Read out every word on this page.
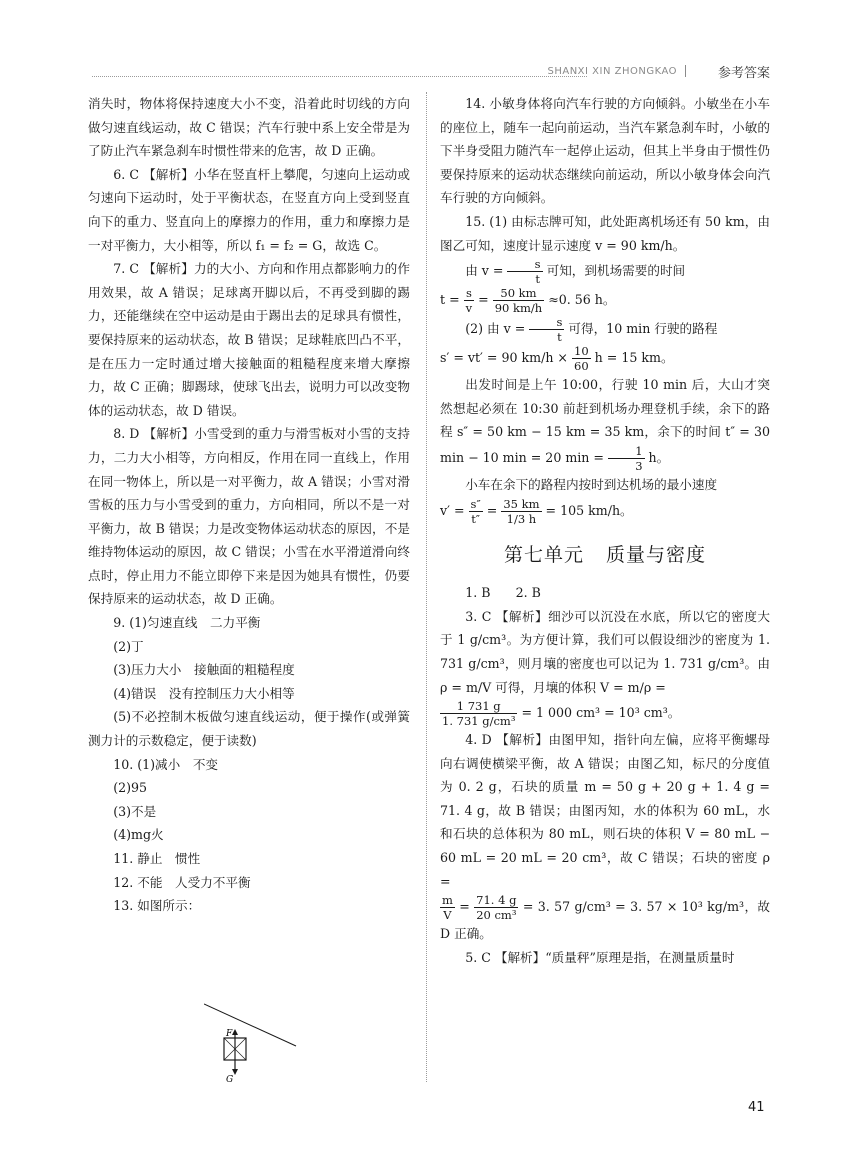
SHANXI XIN ZHONGKAO	参考答案

消失时，物体将保持速度大小不变，沿着此时切线的方向做匀速直线运动，故 C 错误；汽车行驶中系上安全带是为了防止汽车紧急刹车时惯性带来的危害，故 D 正确。

6. C 【解析】小华在竖直杆上攀爬，匀速向上运动或匀速向下运动时，处于平衡状态，在竖直方向上受到竖直向下的重力、竖直向上的摩擦力的作用，重力和摩擦力是一对平衡力，大小相等，所以 f₁ = f₂ = G，故选 C。

7. C 【解析】力的大小、方向和作用点都影响力的作用效果，故 A 错误；足球离开脚以后，不再受到脚的踢力，还能继续在空中运动是由于踢出去的足球具有惯性，要保持原来的运动状态，故 B 错误；足球鞋底凹凸不平，是在压力一定时通过增大接触面的粗糙程度来增大摩擦力，故 C 正确；脚踢球，使球飞出去，说明力可以改变物体的运动状态，故 D 错误。

8. D 【解析】小雪受到的重力与滑雪板对小雪的支持力，二力大小相等，方向相反，作用在同一直线上，作用在同一物体上，所以是一对平衡力，故 A 错误；小雪对滑雪板的压力与小雪受到的重力，方向相同，所以不是一对平衡力，故 B 错误；力是改变物体运动状态的原因，不是维持物体运动的原因，故 C 错误；小雪在水平滑道滑向终点时，停止用力不能立即停下来是因为她具有惯性，仍要保持原来的运动状态，故 D 正确。

9. (1)匀速直线　二力平衡

(2)丁

(3)压力大小　接触面的粗糙程度

(4)错误　没有控制压力大小相等

(5)不必控制木板做匀速直线运动，便于操作(或弹簧测力计的示数稳定，便于读数)

10. (1)减小　不变

(2)95

(3)不是

(4)mg火

11. 静止　惯性

12. 不能　人受力不平衡

13. 如图所示：

F
G

14. 小敏身体将向汽车行驶的方向倾斜。小敏坐在小车的座位上，随车一起向前运动，当汽车紧急刹车时，小敏的下半身受阻力随汽车一起停止运动，但其上半身由于惯性仍要保持原来的运动状态继续向前运动，所以小敏身体会向汽车行驶的方向倾斜。

15. (1) 由标志牌可知，此处距离机场还有 50 km，由图乙可知，速度计显示速度 v = 90 km/h。

由 $v = \frac{s}{t}$ 可知，到机场需要的时间

$t = \frac{s}{v} = \frac{50 km}{90 km/h} \approx 0$. 56 h。

(2) 由 $v = \frac{s}{t}$ 可得，10 min 行驶的路程

s′ = vt′ = 90 $km/h \times \frac{10}{60}$ h = 15 km。

出发时间是上午 10:00，行驶 10 min 后，大山才突然想起必须在 10:30 前赶到机场办理登机手续，余下的路程 s″ = 50 km − 15 km = 35 km，余下的时间 t″ = 30 min − 10 min = 20 $\min = \frac{1}{3}$ h。

小车在余下的路程内按时到达机场的最小速度

$v' = \frac{s''}{t''} = \frac{35 km}{1/3 h} = 105$ km/h。

第七单元 质量与密度

1. B　　2. B

3. C 【解析】细沙可以沉没在水底，所以它的密度大于 1 g/cm³。为方便计算，我们可以假设细沙的密度为 1. 731 g/cm³，则月壤的密度也可以记为 1. 731 g/cm³。由 ρ = m/V 可得，月壤的体积 V = m/ρ =

$\frac{1 731 g}{\text{1. 731 g/cm³}} = 1$ 000 cm³ = 10³ cm³。

4. D 【解析】由图甲知，指针向左偏，应将平衡螺母向右调使横梁平衡，故 A 错误；由图乙知，标尺的分度值为 0. 2 g，石块的质量 m = 50 g + 20 g + 1. 4 g = 71. 4 g，故 B 错误；由图丙知，水的体积为 60 mL，水和石块的总体积为 80 mL，则石块的体积 V = 80 mL − 60 mL = 20 mL = 20 cm³，故 C 错误；石块的密度 ρ =

$\frac{m}{V} = \frac{71. 4 g}{\text{20 cm³}} = 3$. 57 g/cm³ = 3. 57 × 10³ kg/m³，故 D 正确。

5. C 【解析】“质量秤”原理是指，在测量质量时

41
